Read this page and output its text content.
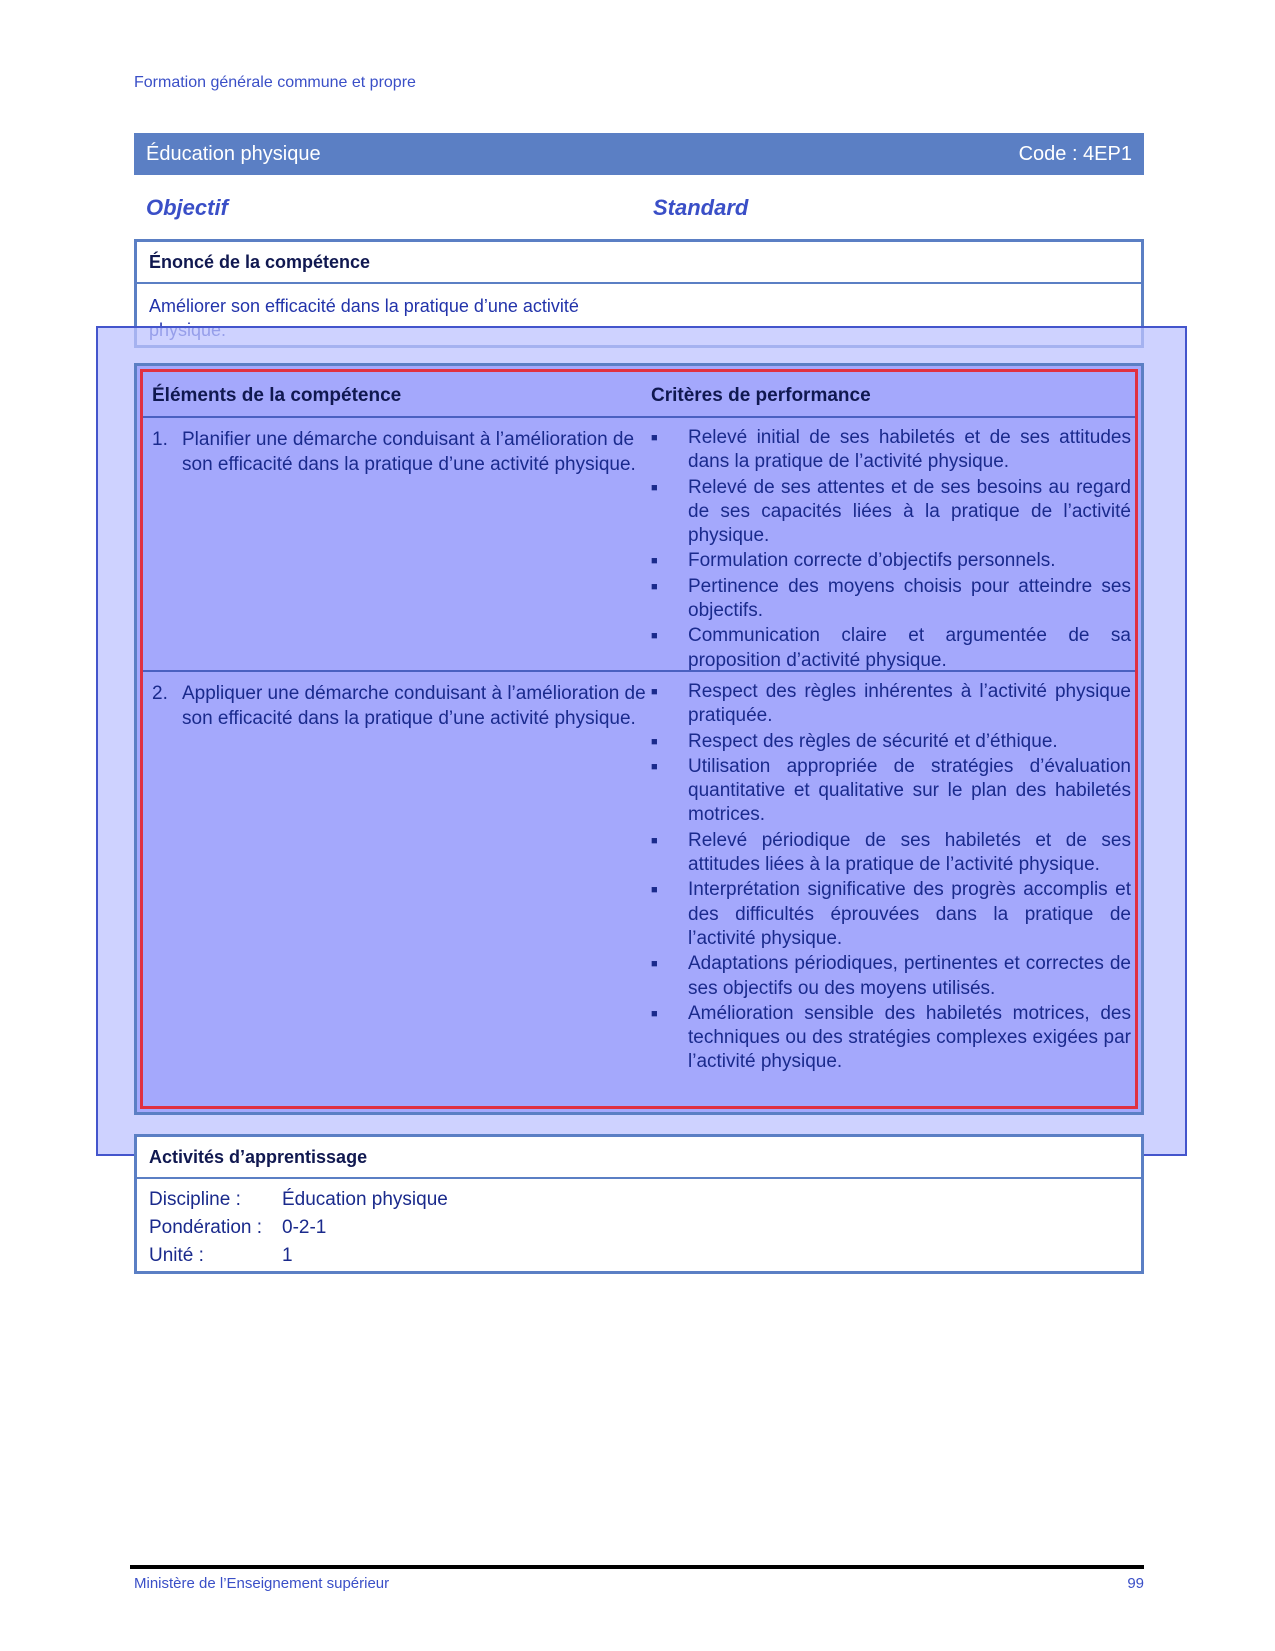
Formation générale commune et propre
Éducation physique	Code : 4EP1
Objectif	Standard
Énoncé de la compétence
Améliorer son efficacité dans la pratique d’une activité
Éléments de la compétence	Critères de performance
1. Planifier une démarche conduisant à l’amélioration de son efficacité dans la pratique d’une activité physique.
■ Relevé initial de ses habiletés et de ses attitudes dans la pratique de l’activité physique.
■ Relevé de ses attentes et de ses besoins au regard de ses capacités liées à la pratique de l’activité physique.
■ Formulation correcte d’objectifs personnels.
■ Pertinence des moyens choisis pour atteindre ses objectifs.
■ Communication claire et argumentée de sa proposition d’activité physique.
2. Appliquer une démarche conduisant à l’amélioration de son efficacité dans la pratique d’une activité physique.
■ Respect des règles inhérentes à l’activité physique pratiquée.
■ Respect des règles de sécurité et d’éthique.
■ Utilisation appropriée de stratégies d’évaluation quantitative et qualitative sur le plan des habiletés motrices.
■ Relevé périodique de ses habiletés et de ses attitudes liées à la pratique de l’activité physique.
■ Interprétation significative des progrès accomplis et des difficultés éprouvées dans la pratique de l’activité physique.
■ Adaptations périodiques, pertinentes et correctes de ses objectifs ou des moyens utilisés.
■ Amélioration sensible des habiletés motrices, des techniques ou des stratégies complexes exigées par l’activité physique.
Activités d’apprentissage
Discipline : Éducation physique
Pondération : 0-2-1
Unité :	1
Ministère de l’Enseignement supérieur	99
